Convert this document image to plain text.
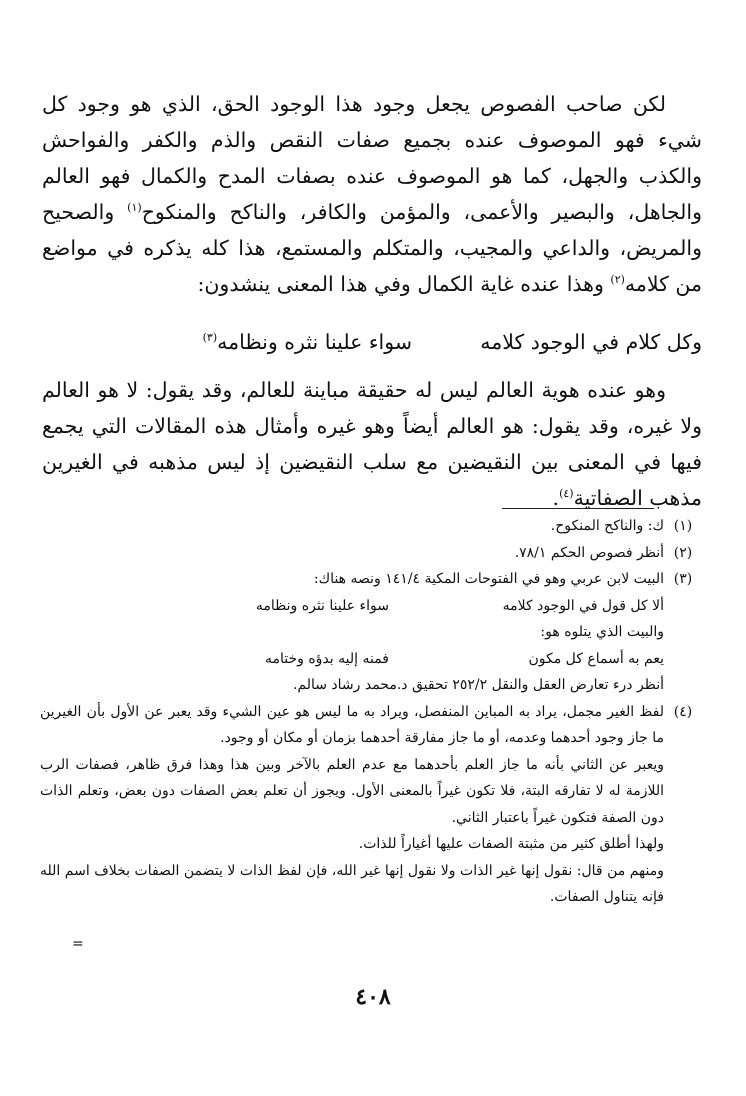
لكن صاحب الفصوص يجعل وجود هذا الوجود الحق، الذي هو وجود كل شيء فهو الموصوف عنده بجميع صفات النقص والذم والكفر والفواحش والكذب والجهل، كما هو الموصوف عنده بصفات المدح والكمال فهو العالم والجاهل، والبصير والأعمى، والمؤمن والكافر، والناكح والمنكوح$^{(١)}$ والصحيح والمريض، والداعي والمجيب، والمتكلم والمستمع، هذا كله يذكره في مواضع من كلامه$^{(٢)}$ وهذا عنده غاية الكمال وفي هذا المعنى ينشدون:

وكل كلام في الوجود كلامه
سواء علينا نثره ونظامه$^{(٣)}$

وهو عنده هوية العالم ليس له حقيقة مباينة للعالم، وقد يقول: لا هو العالم ولا غيره، وقد يقول: هو العالم أيضاً وهو غيره وأمثال هذه المقالات التي يجمع فيها في المعنى بين النقيضين مع سلب النقيضين إذ ليس مذهبه في الغيرين مذهب الصفاتية$^{(٤)}$.

(١)
ك: والناكح المنكوح.
(٢)
أنظر فصوص الحكم ٧٨/١.
(٣)
البيت لابن عربي وهو في الفتوحات المكية ١٤١/٤ ونصه هناك:
ألا كل قول في الوجود كلامه
سواء علينا نثره ونظامه
والبيت الذي يتلوه هو:
يعم به أسماع كل مكون
فمنه إليه بدؤه وختامه
أنظر درء تعارض العقل والنقل ٢٥٢/٢ تحقيق د.محمد رشاد سالم.
(٤)
لفظ الغير مجمل، يراد به المباين المنفصل، ويراد به ما ليس هو عين الشيء وقد يعبر عن الأول بأن الغيرين ما جاز وجود أحدهما وعدمه، أو ما جاز مفارقة أحدهما بزمان أو مكان أو وجود.
ويعبر عن الثاني بأنه ما جاز العلم بأحدهما مع عدم العلم بالآخر وبين هذا وهذا فرق ظاهر، فصفات الرب اللازمة له لا تفارقه البتة، فلا تكون غيراً بالمعنى الأول. ويجوز أن تعلم بعض الصفات دون بعض، وتعلم الذات دون الصفة فتكون غيراً باعتبار الثاني.
ولهذا أطلق كثير من مثبتة الصفات عليها أغياراً للذات.
ومنهم من قال: نقول إنها غير الذات ولا نقول إنها غير الله، فإن لفظ الذات لا يتضمن الصفات بخلاف اسم الله فإنه يتناول الصفات.
=
٤٠٨
